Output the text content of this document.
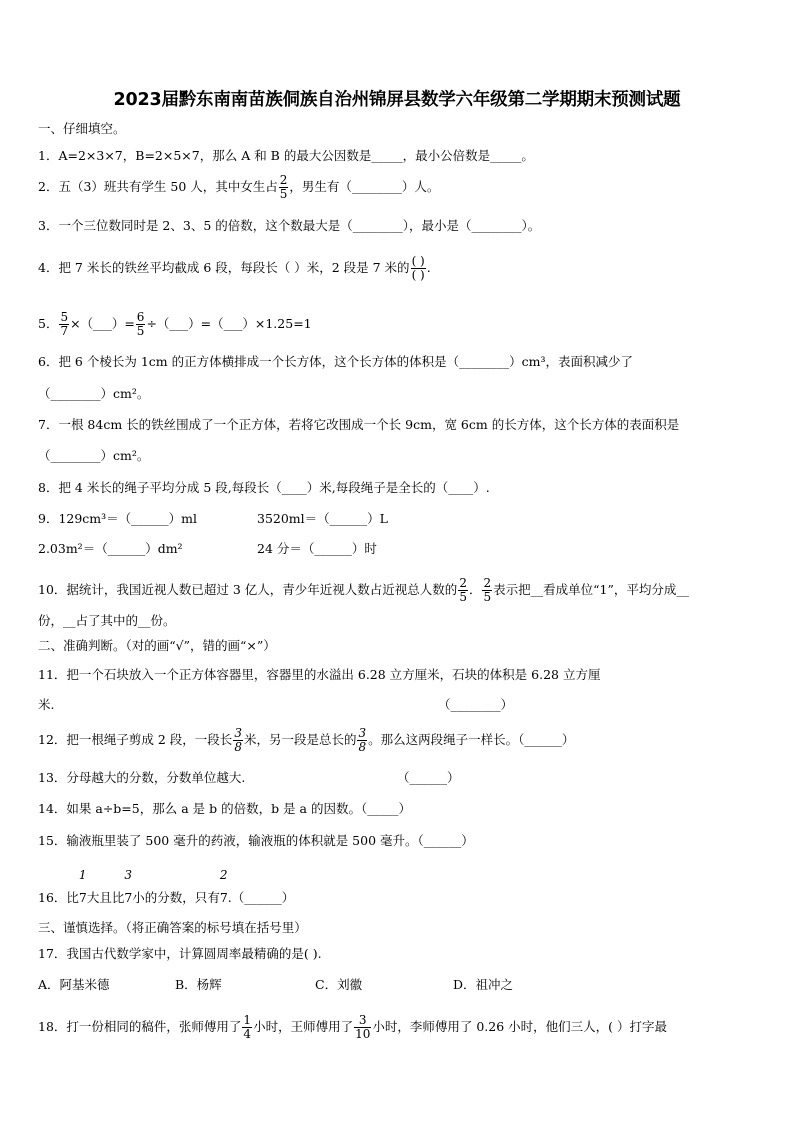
2023届黔东南南苗族侗族自治州锦屏县数学六年级第二学期期末预测试题
一、仔细填空。
1．A=2×3×7，B=2×5×7，那么 A 和 B 的最大公因数是_____，最小公倍数是_____。
2．五（3）班共有学生 50 人，其中女生占 $\frac{2}{5}$ ，男生有（________）人。
3．一个三位数同时是 2、3、5 的倍数，这个数最大是（________），最小是（________）。
4．把 7 米长的铁丝平均截成 6 段，每段长（ ）米，2 段是 7 米的 $\frac{( )}{( )}$ .
5． $\frac{5}{7}$ ×（___）= $\frac{6}{5}$ ÷（___）=（___）×1.25=1
6．把 6 个棱长为 1cm 的正方体横排成一个长方体，这个长方体的体积是（________）cm³，表面积减少了
（________）cm²。
7．一根 84cm 长的铁丝围成了一个正方体，若将它改围成一个长 9cm，宽 6cm 的长方体，这个长方体的表面积是
（________）cm²。
8．把 4 米长的绳子平均分成 5 段,每段长（____）米,每段绳子是全长的（____）.
9．129cm³＝（______）ml	3520ml＝（______）L
2.03m²＝（______）dm²	24 分＝（______）时
10．据统计，我国近视人数已超过 3 亿人，青少年近视人数占近视总人数的 $\frac{2}{5}$ ． $\frac{2}{5}$ 表示把__看成单位“1”，平均分成__
份，__占了其中的__份。
二、准确判断。（对的画“√”，错的画“×”）
11．把一个石块放入一个正方体容器里，容器里的水溢出 6.28 立方厘米，石块的体积是 6.28 立方厘
米.	（________）
12．把一根绳子剪成 2 段，一段长 $\frac{3}{8}$ 米，另一段是总长的 $\frac{3}{8}$ 。那么这两段绳子一样长。（______）
13．分母越大的分数，分数单位越大.	（______）
14．如果 a÷b=5，那么 a 是 b 的倍数，b 是 a 的因数。（_____）
15．输液瓶里装了 500 毫升的药液，输液瓶的体积就是 500 毫升。（______）
16．比
1
7大且比
3
7小的分数，只有
2
7.（______）
三、谨慎选择。（将正确答案的标号填在括号里）
17．我国古代数学家中，计算圆周率最精确的是( ).
A．阿基米德	B．杨辉	C．刘徽	D．祖冲之
18．打一份相同的稿件，张师傅用了 $\frac{1}{4}$ 小时，王师傅用了 $\frac{3}{10}$ 小时，李师傅用了 0.26 小时，他们三人，( ）打字最
